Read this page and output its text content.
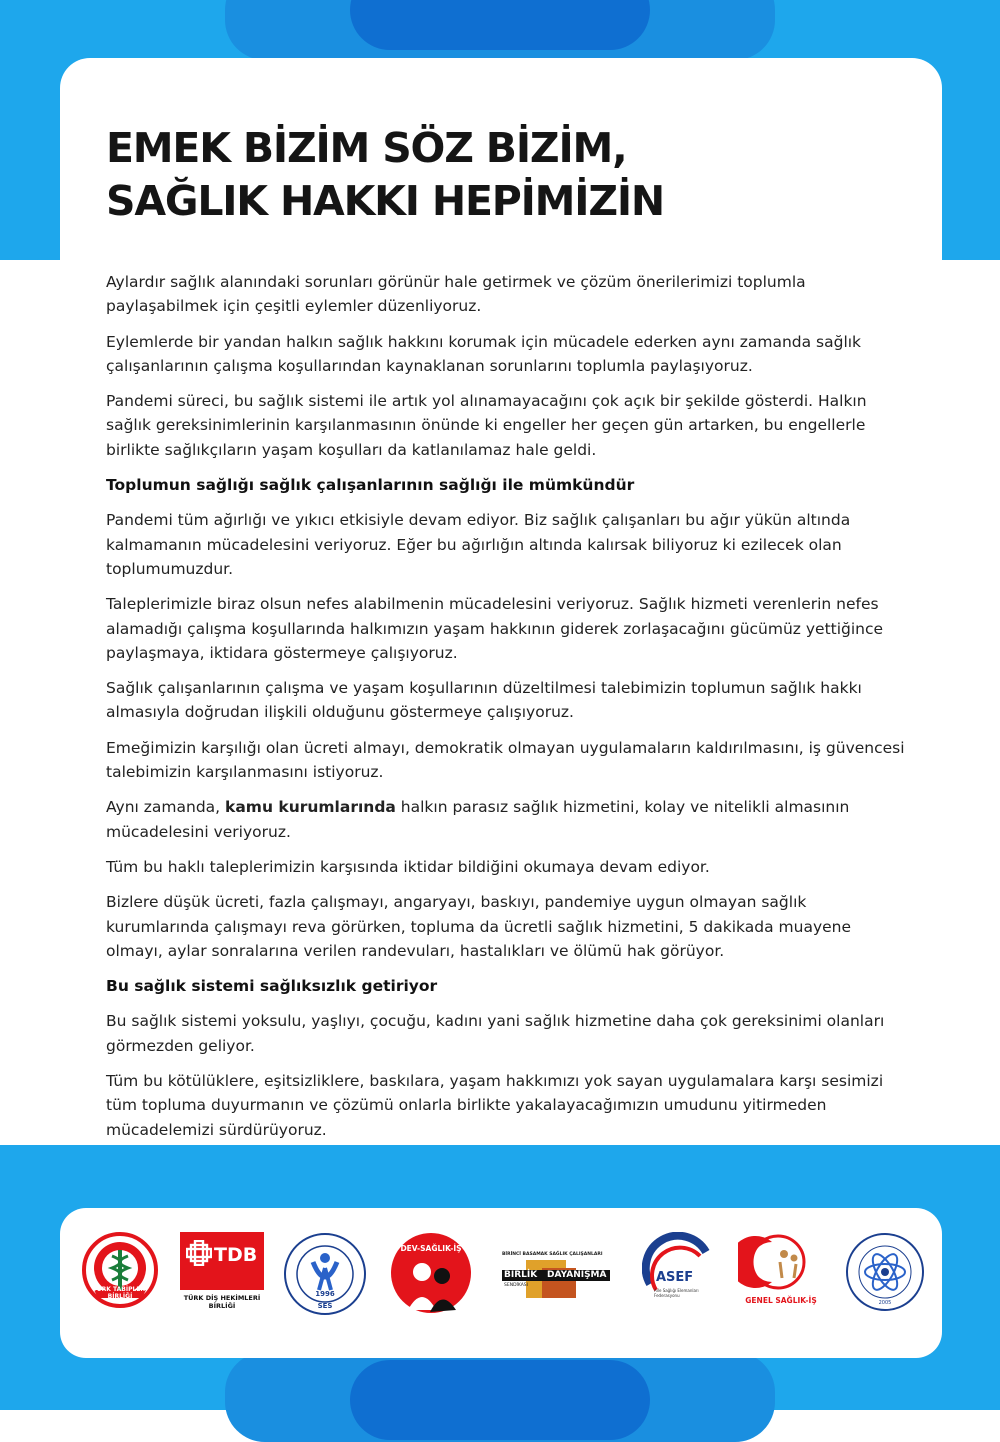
EMEK BİZİM SÖZ BİZİM,
SAĞLIK HAKKI HEPİMİZİN

Aylardır sağlık alanındaki sorunları görünür hale getirmek ve çözüm önerilerimizi toplumla paylaşabilmek için çeşitli eylemler düzenliyoruz.

Eylemlerde bir yandan halkın sağlık hakkını korumak için mücadele ederken aynı zamanda sağlık çalışanlarının çalışma koşullarından kaynaklanan sorunlarını toplumla paylaşıyoruz.

Pandemi süreci, bu sağlık sistemi ile artık yol alınamayacağını çok açık bir şekilde gösterdi. Halkın sağlık gereksinimlerinin karşılanmasının önünde ki engeller her geçen gün artarken, bu engellerle birlikte sağlıkçıların yaşam koşulları da katlanılamaz hale geldi.

Toplumun sağlığı sağlık çalışanlarının sağlığı ile mümkündür

Pandemi tüm ağırlığı ve yıkıcı etkisiyle devam ediyor. Biz sağlık çalışanları bu ağır yükün altında kalmamanın mücadelesini veriyoruz. Eğer bu ağırlığın altında kalırsak biliyoruz ki ezilecek olan toplumumuzdur.

Taleplerimizle biraz olsun nefes alabilmenin mücadelesini veriyoruz. Sağlık hizmeti verenlerin nefes alamadığı çalışma koşullarında halkımızın yaşam hakkının giderek zorlaşacağını gücümüz yettiğince paylaşmaya, iktidara göstermeye çalışıyoruz.

Sağlık çalışanlarının çalışma ve yaşam koşullarının düzeltilmesi talebimizin toplumun sağlık hakkı almasıyla doğrudan ilişkili olduğunu göstermeye çalışıyoruz.

Emeğimizin karşılığı olan ücreti almayı, demokratik olmayan uygulamaların kaldırılmasını, iş güvencesi talebimizin karşılanmasını istiyoruz.

Aynı zamanda, kamu kurumlarında halkın parasız sağlık hizmetini, kolay ve nitelikli almasının mücadelesini veriyoruz.

Tüm bu haklı taleplerimizin karşısında iktidar bildiğini okumaya devam ediyor.

Bizlere düşük ücreti, fazla çalışmayı, angaryayı, baskıyı, pandemiye uygun olmayan sağlık kurumlarında çalışmayı reva görürken, topluma da ücretli sağlık hizmetini, 5 dakikada muayene olmayı, aylar sonralarına verilen randevuları, hastalıkları ve ölümü hak görüyor.

Bu sağlık sistemi sağlıksızlık getiriyor

Bu sağlık sistemi yoksulu, yaşlıyı, çocuğu, kadını yani sağlık hizmetine daha çok gereksinimi olanları görmezden geliyor.

Tüm bu kötülüklere, eşitsizliklere, baskılara, yaşam hakkımızı yok sayan uygulamalara karşı sesimizi tüm topluma duyurmanın ve çözümü onlarla birlikte yakalayacağımızın umudunu yitirmeden mücadelemizi sürdürüyoruz.

TÜRK TABİPLERİ BİRLİĞİ
TDB
TÜRK DİŞ HEKİMLERİ BİRLİĞİ
1996
SES
DEV-SAĞLIK-İŞ
BİRİNCİ BASAMAK SAĞLIK ÇALIŞANLARI
BİRLİK DAYANIŞMA
SENDİKASI
ASEF
Aile Sağlığı Elemanları Federasyonu
GENEL SAĞLIK-İŞ	2005
